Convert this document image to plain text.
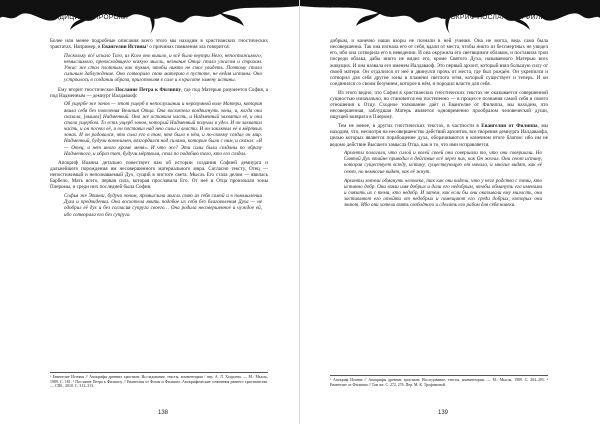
ТРАДИЦИИ И ПРОРОКИ

Более или менее подробные описания всего этого мы находим в христианских гностических трактатах. Например, в Евангелии Истины¹ о причинах появления зла говорится:

Поскольку всё искало Того, из Кого оно вышло, и всё было внутри Него, непостижимого, немыслимого, превосходящего всякую мысль, незнание Отца стало ужасом и страхом. Ужас же стал плотным, как туман, чтобы никто не смог увидеть. Поэтому стало сильным Заблуждение. Оно сотворило свою материю в пустоте, не ведая истины. Оно устроилось в создании образа, приготовляя в силе и в красоте замену истины.

Ему вторит гностическое Послание Петра к Филиппу, где под Матерью разумеется София, а под Надменным — демиург Иалдаваоф:

Об ущербе же эонов — этот ущерб в непослушании и неразумной воле Матери, которая явила себя без повеления Величия Отца. Она восхотела воздвигнуть эоны, и, когда она сказала, [вышел] Надменный. Она же оставила часть, и Надменный захватил её, и она стала ущербом. То есть ущерб эонов, который Надменный получил в удел. И он захватил часть, и он посеял её, и он поставил над нею силы и власти. И он заключил её в мёртвых эонах. И он радовался, что сила его в том, что было в нём, и по-своему создал он мир. Надменный, будучи возвеличен, возгордился над силами, которые были с ним, и сказал: «Я — Отец, и нет иного кроме меня». И что же? Эти силы были созданы по образу Надменного, и образ тот, будучи мёртвым, стал по подобию того, кто его создал.

Апокриф Иоанна детально повествует нам об истории создания Софией демиурга и дальнейшего порождения им несовершенного материального мира. Согласно тексту, Отец — непостижимый и непознаваемый Дух, сущий в чистоте света. Мысль Его стала делом — явилась Барбело, Мать всего, первая сила, которая прославила Его. От неё и Отца произошли эоны Плеромы, и среди них последней была София.

Софья же Эпинои, будучи эоном, промыслила мысль свою из себя самой и в помышлении Духа и предвидении. Она восхотела явить подобие из себя без благоволения Духа — не одобрил её дух и без согласия супруга своего… Она родила несовершенное и чуждое ей, ибо сотворила его без супруга.

¹ Евангелие Истины // Апокрифы древних христиан: Исследование, тексты, комментарии / пер. А. Л. Хосроева. — М.: Мысль, 1989. С. 181. ² Послание Петра к Филиппу // Евангелия от Фомы и Филиппа. Апокрифические сочинения раннего христианства. — СПб., 2010. С. 312–313.

138
АПОКРИФ ПОСЛАНИЯ К ФИЛИППУ

добрым, и конечно наши взоры не познали в ней учения. Она не могла, ведь сама была несовершенна. Так она изгнала его от себя, вдали от места, чтобы никто из бессмертных не увидел его, ибо она сотворила его в неведении. И она окружила его светящимся облаком, и поставила трон посреди облака, дабы никто не видел его, кроме Святого Духа, называемого Матерью всех живущих. И она назвала его именем Иалдаваоф. Это первый архонт, который взял большую силу от своей матери. Он отдалился от неё и двинулся прочь от места, где был рождён. Он укрепился и сотворил для себя другие эоны в пламени светлого огня, который существует и теперь. И он соединился со своим безумием, которое в нём, и породил власти для себя.

Из этого видно, что София в христианских гностических текстах не оказывается совершенной сущностью изначально, но становится ею постепенно — в процессе познания самой себя и своего отношения к Отцу. Сходное толкование даёт и Евангелие от Филиппа, мы находим, что несовершенная, заблудшая Матерь является одновременно прообразом человеческой души, ищущей возврата в Плерому.

Тем не менее, в других гностических текстах, в частности в Евангелии от Филиппа, мы находим, что, несмотря на несовершенство действий архонтов, все творения демиурга Иалдаваофа, целью которых является порабощение духа, оборачиваются в конечном итоге благом: ибо им не ведомо действие Высшего замысла Отца, как и то, что ими исправляется.

Архонты полагали, что силой и волей своей они совершали то, что они совершали. Но Святой Дух втайне приводил в действие всё через них, как Он желал. Они сеют истину, которая существует всюду, истину, существующую от начала, и многие видят, как её сеют, но немногие видят, как её жнут.

Архонты хотели обмануть человека, так как они видели, что у него родство с теми, кто истинно добр. Они взяли имя добрых и дали его недобрым, чтобы обмануть его именами и связать их с теми, кто недобр. И затем, как если бы они оказывали ему милость, они заставляют его отойти от недобрых и помещают его среди добрых, которых они знают. Ибо они хотели взять свободного и сделать его рабом для себя навеки.

³ Апокриф Иоанна // Апокрифы древних христиан: Исследование, тексты, комментарии. — М.: Мысль, 1989. С. 204–205. ⁴ Евангелие от Филиппа // Там же. С. 272, 276. Пер. М. К. Трофимовой.

139
